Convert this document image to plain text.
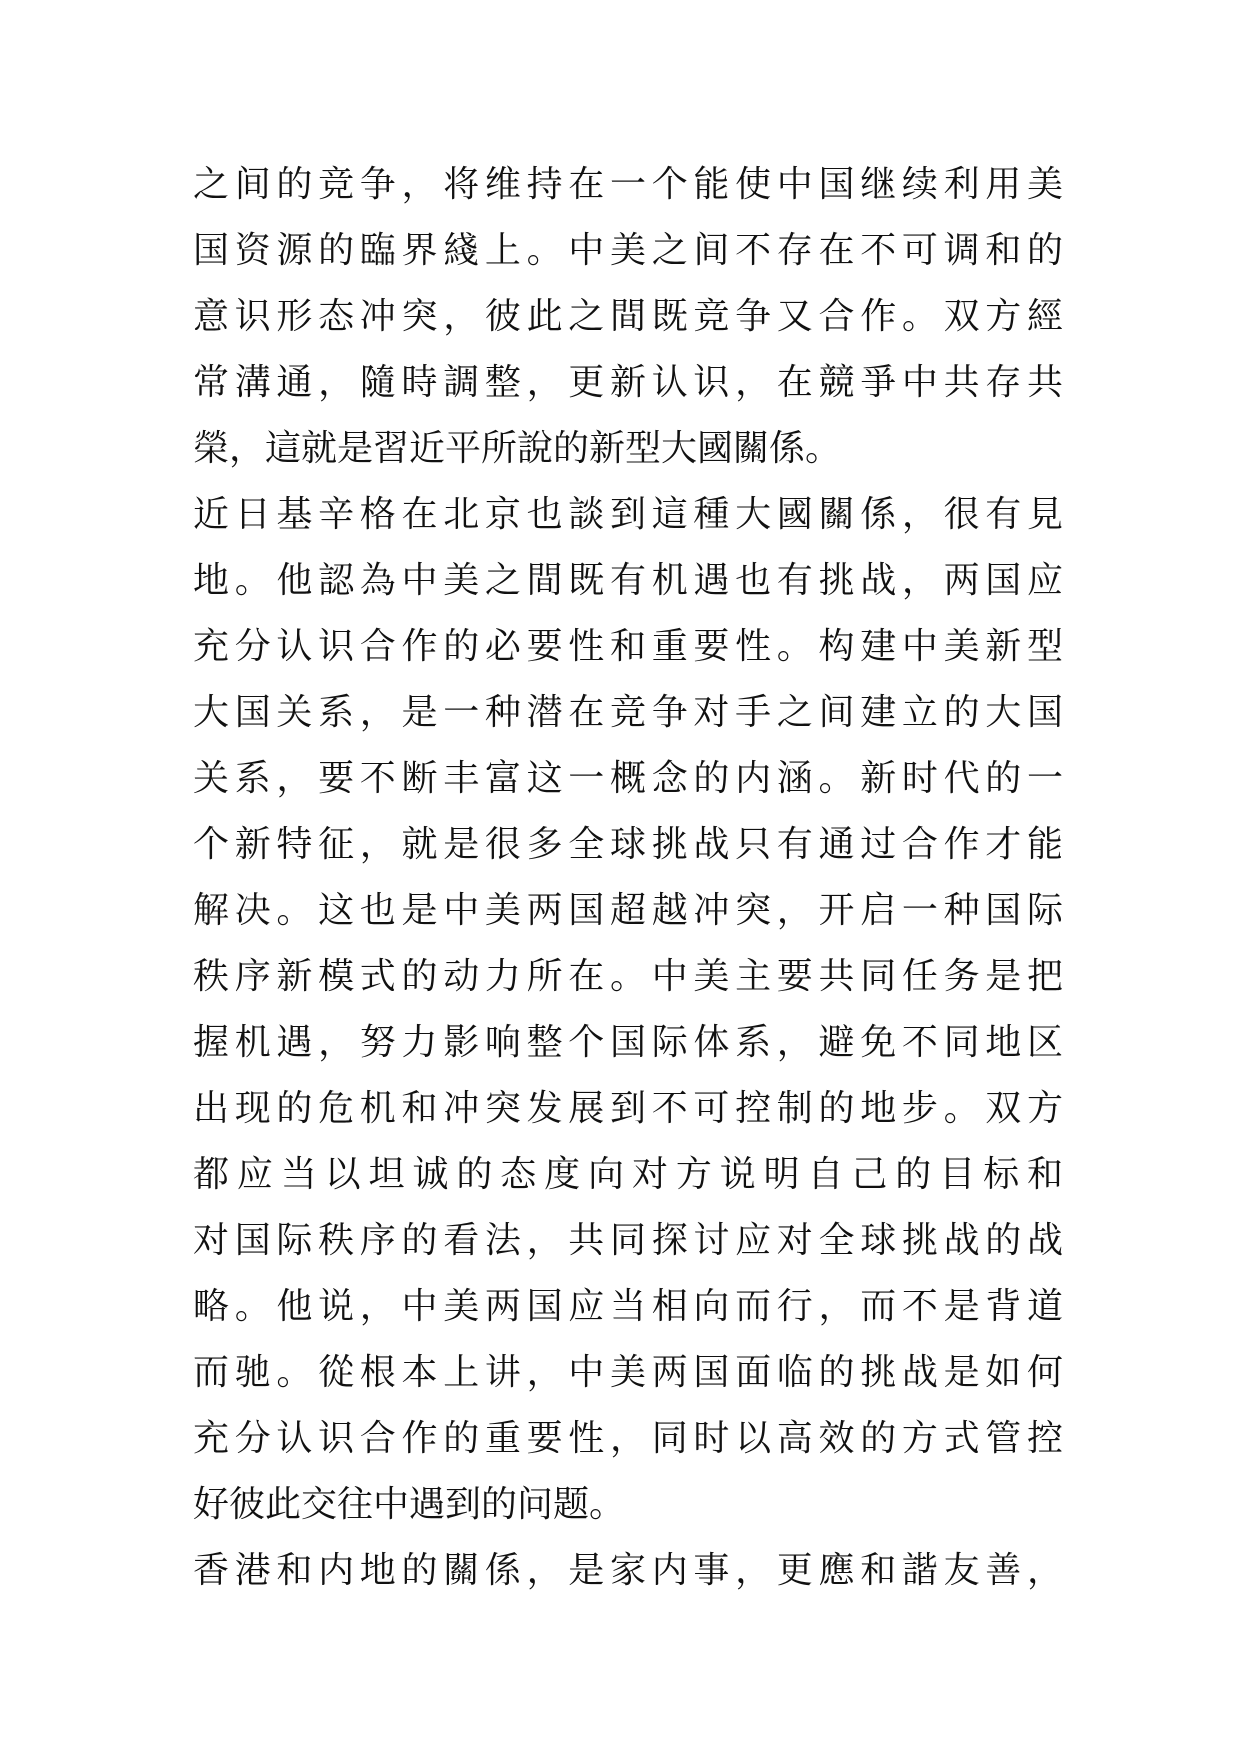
之间的竞争，将维持在一个能使中国继续利用美
国资源的臨界綫上。中美之间不存在不可调和的
意识形态冲突，彼此之間既竞争又合作。双方經
常溝通，隨時調整，更新认识，在競爭中共存共
榮，這就是習近平所說的新型大國關係。
近日基辛格在北京也談到這種大國關係，很有見
地。他認為中美之間既有机遇也有挑战，两国应
充分认识合作的必要性和重要性。构建中美新型
大国关系，是一种潜在竞争对手之间建立的大国
关系，要不断丰富这一概念的内涵。新时代的一
个新特征，就是很多全球挑战只有通过合作才能
解决。这也是中美两国超越冲突，开启一种国际
秩序新模式的动力所在。中美主要共同任务是把
握机遇，努力影响整个国际体系，避免不同地区
出现的危机和冲突发展到不可控制的地步。双方
都应当以坦诚的态度向对方说明自己的目标和
对国际秩序的看法，共同探讨应对全球挑战的战
略。他说，中美两国应当相向而行，而不是背道
而驰。從根本上讲，中美两国面临的挑战是如何
充分认识合作的重要性，同时以高效的方式管控
好彼此交往中遇到的问题。
香港和内地的關係，是家内事，更應和諧友善，
